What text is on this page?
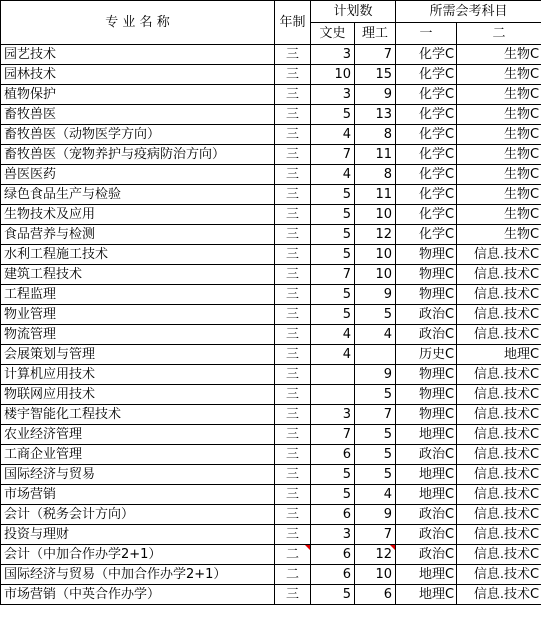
专 业 名 称	年制	计划数		所需会考科目	
		文史	理工	一	二
园艺技术	三	3	7	化学C	生物C
园林技术	三	10	15	化学C	生物C
植物保护	三	3	9	化学C	生物C
畜牧兽医	三	5	13	化学C	生物C
畜牧兽医（动物医学方向）	三	4	8	化学C	生物C
畜牧兽医（宠物养护与疫病防治方向）	三	7	11	化学C	生物C
兽医医药	三	4	8	化学C	生物C
绿色食品生产与检验	三	5	11	化学C	生物C
生物技术及应用	三	5	10	化学C	生物C
食品营养与检测	三	5	12	化学C	生物C
水利工程施工技术	三	5	10	物理C	信息.技术C
建筑工程技术	三	7	10	物理C	信息.技术C
工程监理	三	5	9	物理C	信息.技术C
物业管理	三	5	5	政治C	信息.技术C
物流管理	三	4	4	政治C	信息.技术C
会展策划与管理	三	4		历史C	地理C
计算机应用技术	三		9	物理C	信息.技术C
物联网应用技术	三		5	物理C	信息.技术C
楼宇智能化工程技术	三	3	7	物理C	信息.技术C
农业经济管理	三	7	5	地理C	信息.技术C
工商企业管理	三	6	5	政治C	信息.技术C
国际经济与贸易	三	5	5	地理C	信息.技术C
市场营销	三	5	4	地理C	信息.技术C
会计（税务会计方向）	三	6	9	政治C	信息.技术C
投资与理财	三	3	7	政治C	信息.技术C
会计（中加合作办学2+1）	二	6	12	政治C	信息.技术C
国际经济与贸易（中加合作办学2+1）	二	6	10	地理C	信息.技术C
市场营销（中英合作办学）	三	5	6	地理C	信息.技术C
